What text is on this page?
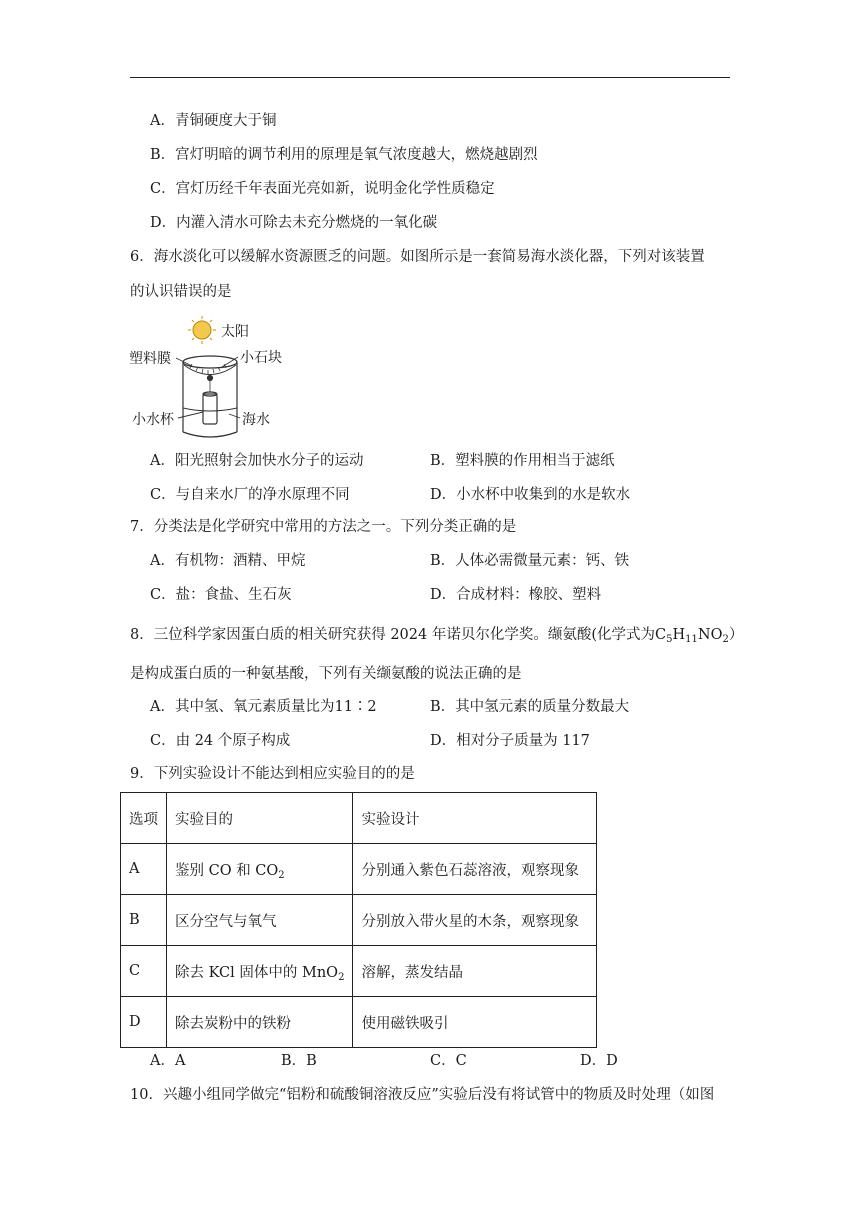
A．青铜硬度大于铜
B．宫灯明暗的调节利用的原理是氧气浓度越大，燃烧越剧烈
C．宫灯历经千年表面光亮如新，说明金化学性质稳定
D．内灌入清水可除去未充分燃烧的一氧化碳
6．海水淡化可以缓解水资源匮乏的问题。如图所示是一套简易海水淡化器，下列对该装置
的认识错误的是
太阳
塑料膜	小石块
小水杯	海水
A．阳光照射会加快水分子的运动	B．塑料膜的作用相当于滤纸
C．与自来水厂的净水原理不同	D．小水杯中收集到的水是软水
7．分类法是化学研究中常用的方法之一。下列分类正确的是
A．有机物：酒精、甲烷	B．人体必需微量元素：钙、铁
C．盐：食盐、生石灰	D．合成材料：橡胶、塑料
8．三位科学家因蛋白质的相关研究获得 2024 年诺贝尔化学奖。缬氨酸(化学式为$C_5H_{11}NO_2$）
是构成蛋白质的一种氨基酸，下列有关缬氨酸的说法正确的是
A．其中氢、氧元素质量比为11∶2	B．其中氢元素的质量分数最大
C．由 24 个原子构成	D．相对分子质量为 117
9．下列实验设计不能达到相应实验目的的是
选项	实验目的	实验设计
A	鉴别 CO 和 $CO_2$	分别通入紫色石蕊溶液，观察现象
B	区分空气与氧气	分别放入带火星的木条，观察现象
C	除去 KCl 固体中的 MnO$_2$	溶解，蒸发结晶
D	除去炭粉中的铁粉	使用磁铁吸引
A．A	B．B	C．C	D．D
10．兴趣小组同学做完“铝粉和硫酸铜溶液反应”实验后没有将试管中的物质及时处理（如图
